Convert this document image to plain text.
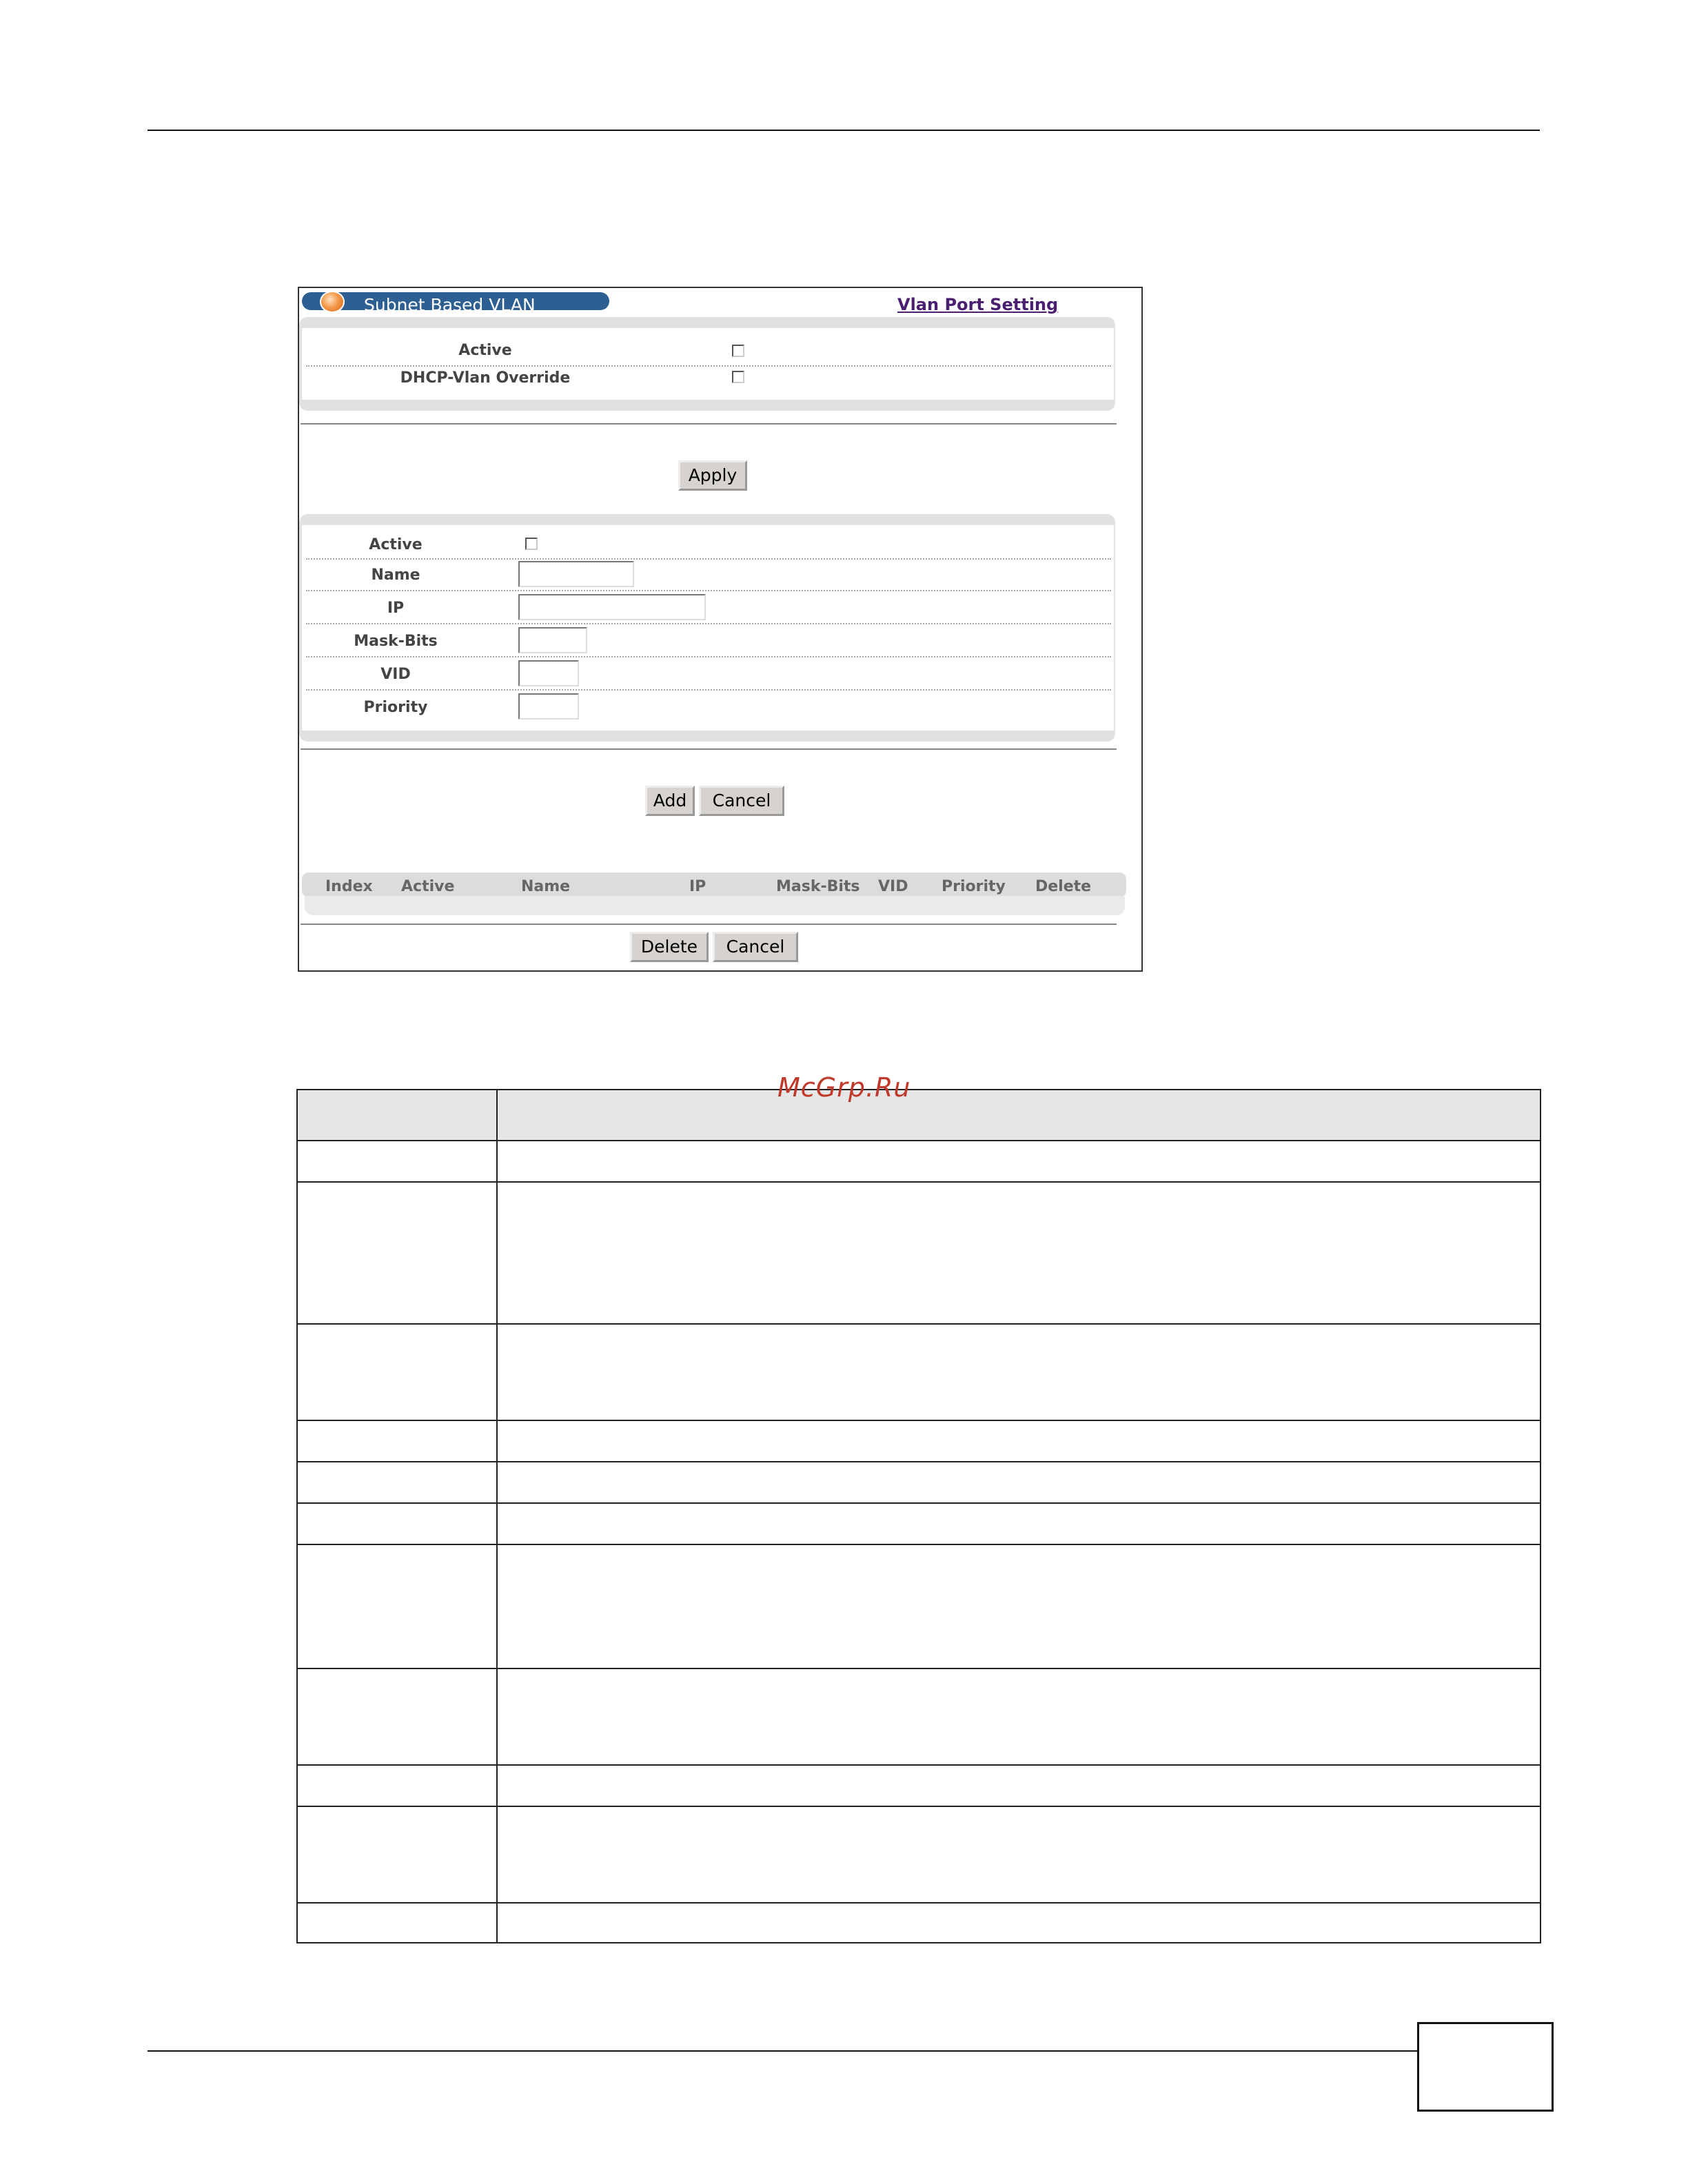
Subnet Based VLAN	Vlan Port Setting
Active
DHCP-Vlan Override
Apply
Active
Name
IP
Mask-Bits
VID
Priority
Add	Cancel
Index Active	Name	IP	Mask-Bits VID Priority Delete
Delete	Cancel
McGrp.Ru
